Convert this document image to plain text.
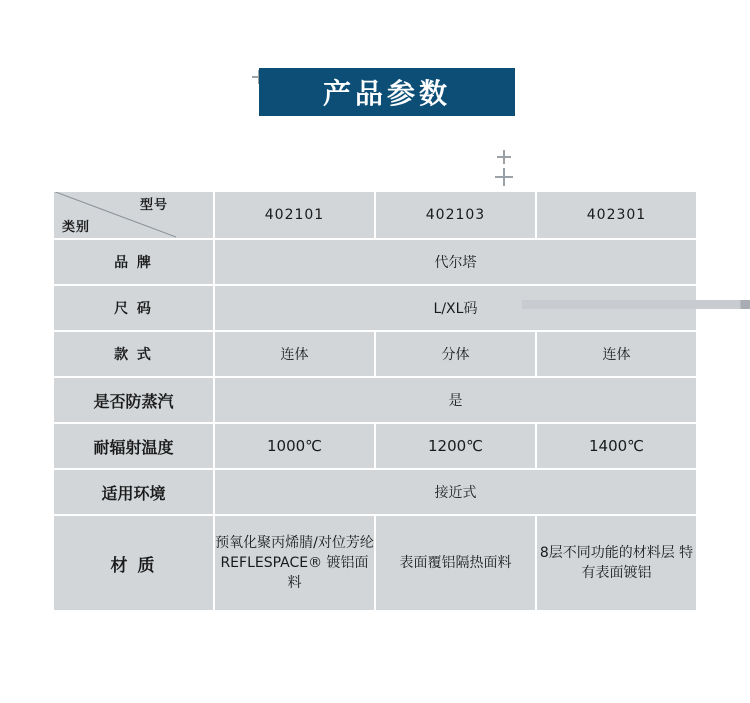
产品参数
型号
类别	402101	402103	402301
品 牌	代尔塔		
尺 码	L/XL码		
款 式	连体	分体	连体
是否防蒸汽	是		
耐辐射温度	1000℃	1200℃	1400℃
适用环境	接近式		
材 质	预氧化聚丙烯腈/对位芳纶REFLESPACE® 镀铝面料	表面覆铝隔热面料	8层不同功能的材料层 特有表面镀铝
